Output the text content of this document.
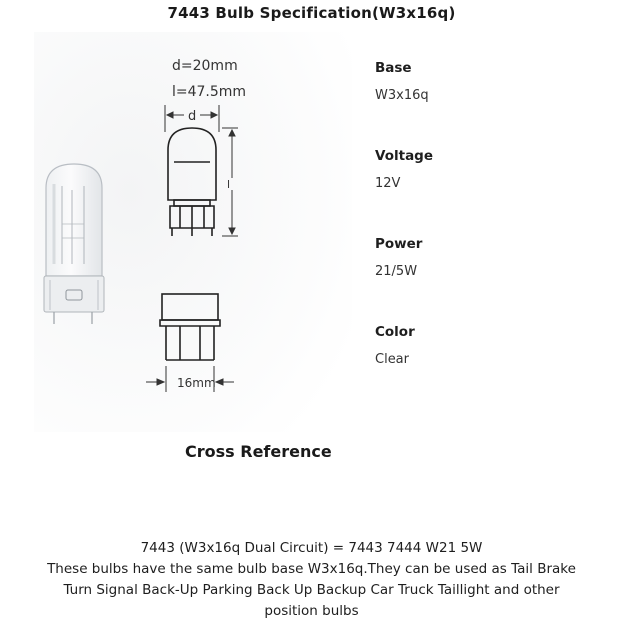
7443 Bulb Specification(W3x16q)
d=20mm
l=47.5mm
d
l
16mm
Base
W3x16q
Voltage
12V
Power
21/5W
Color
Clear
Cross Reference

7443 (W3x16q Dual Circuit) = 7443 7444 W21 5W

These bulbs have the same bulb base W3x16q.They can be used as Tail Brake Turn Signal Back-Up Parking Back Up Backup Car Truck Taillight and other position bulbs
